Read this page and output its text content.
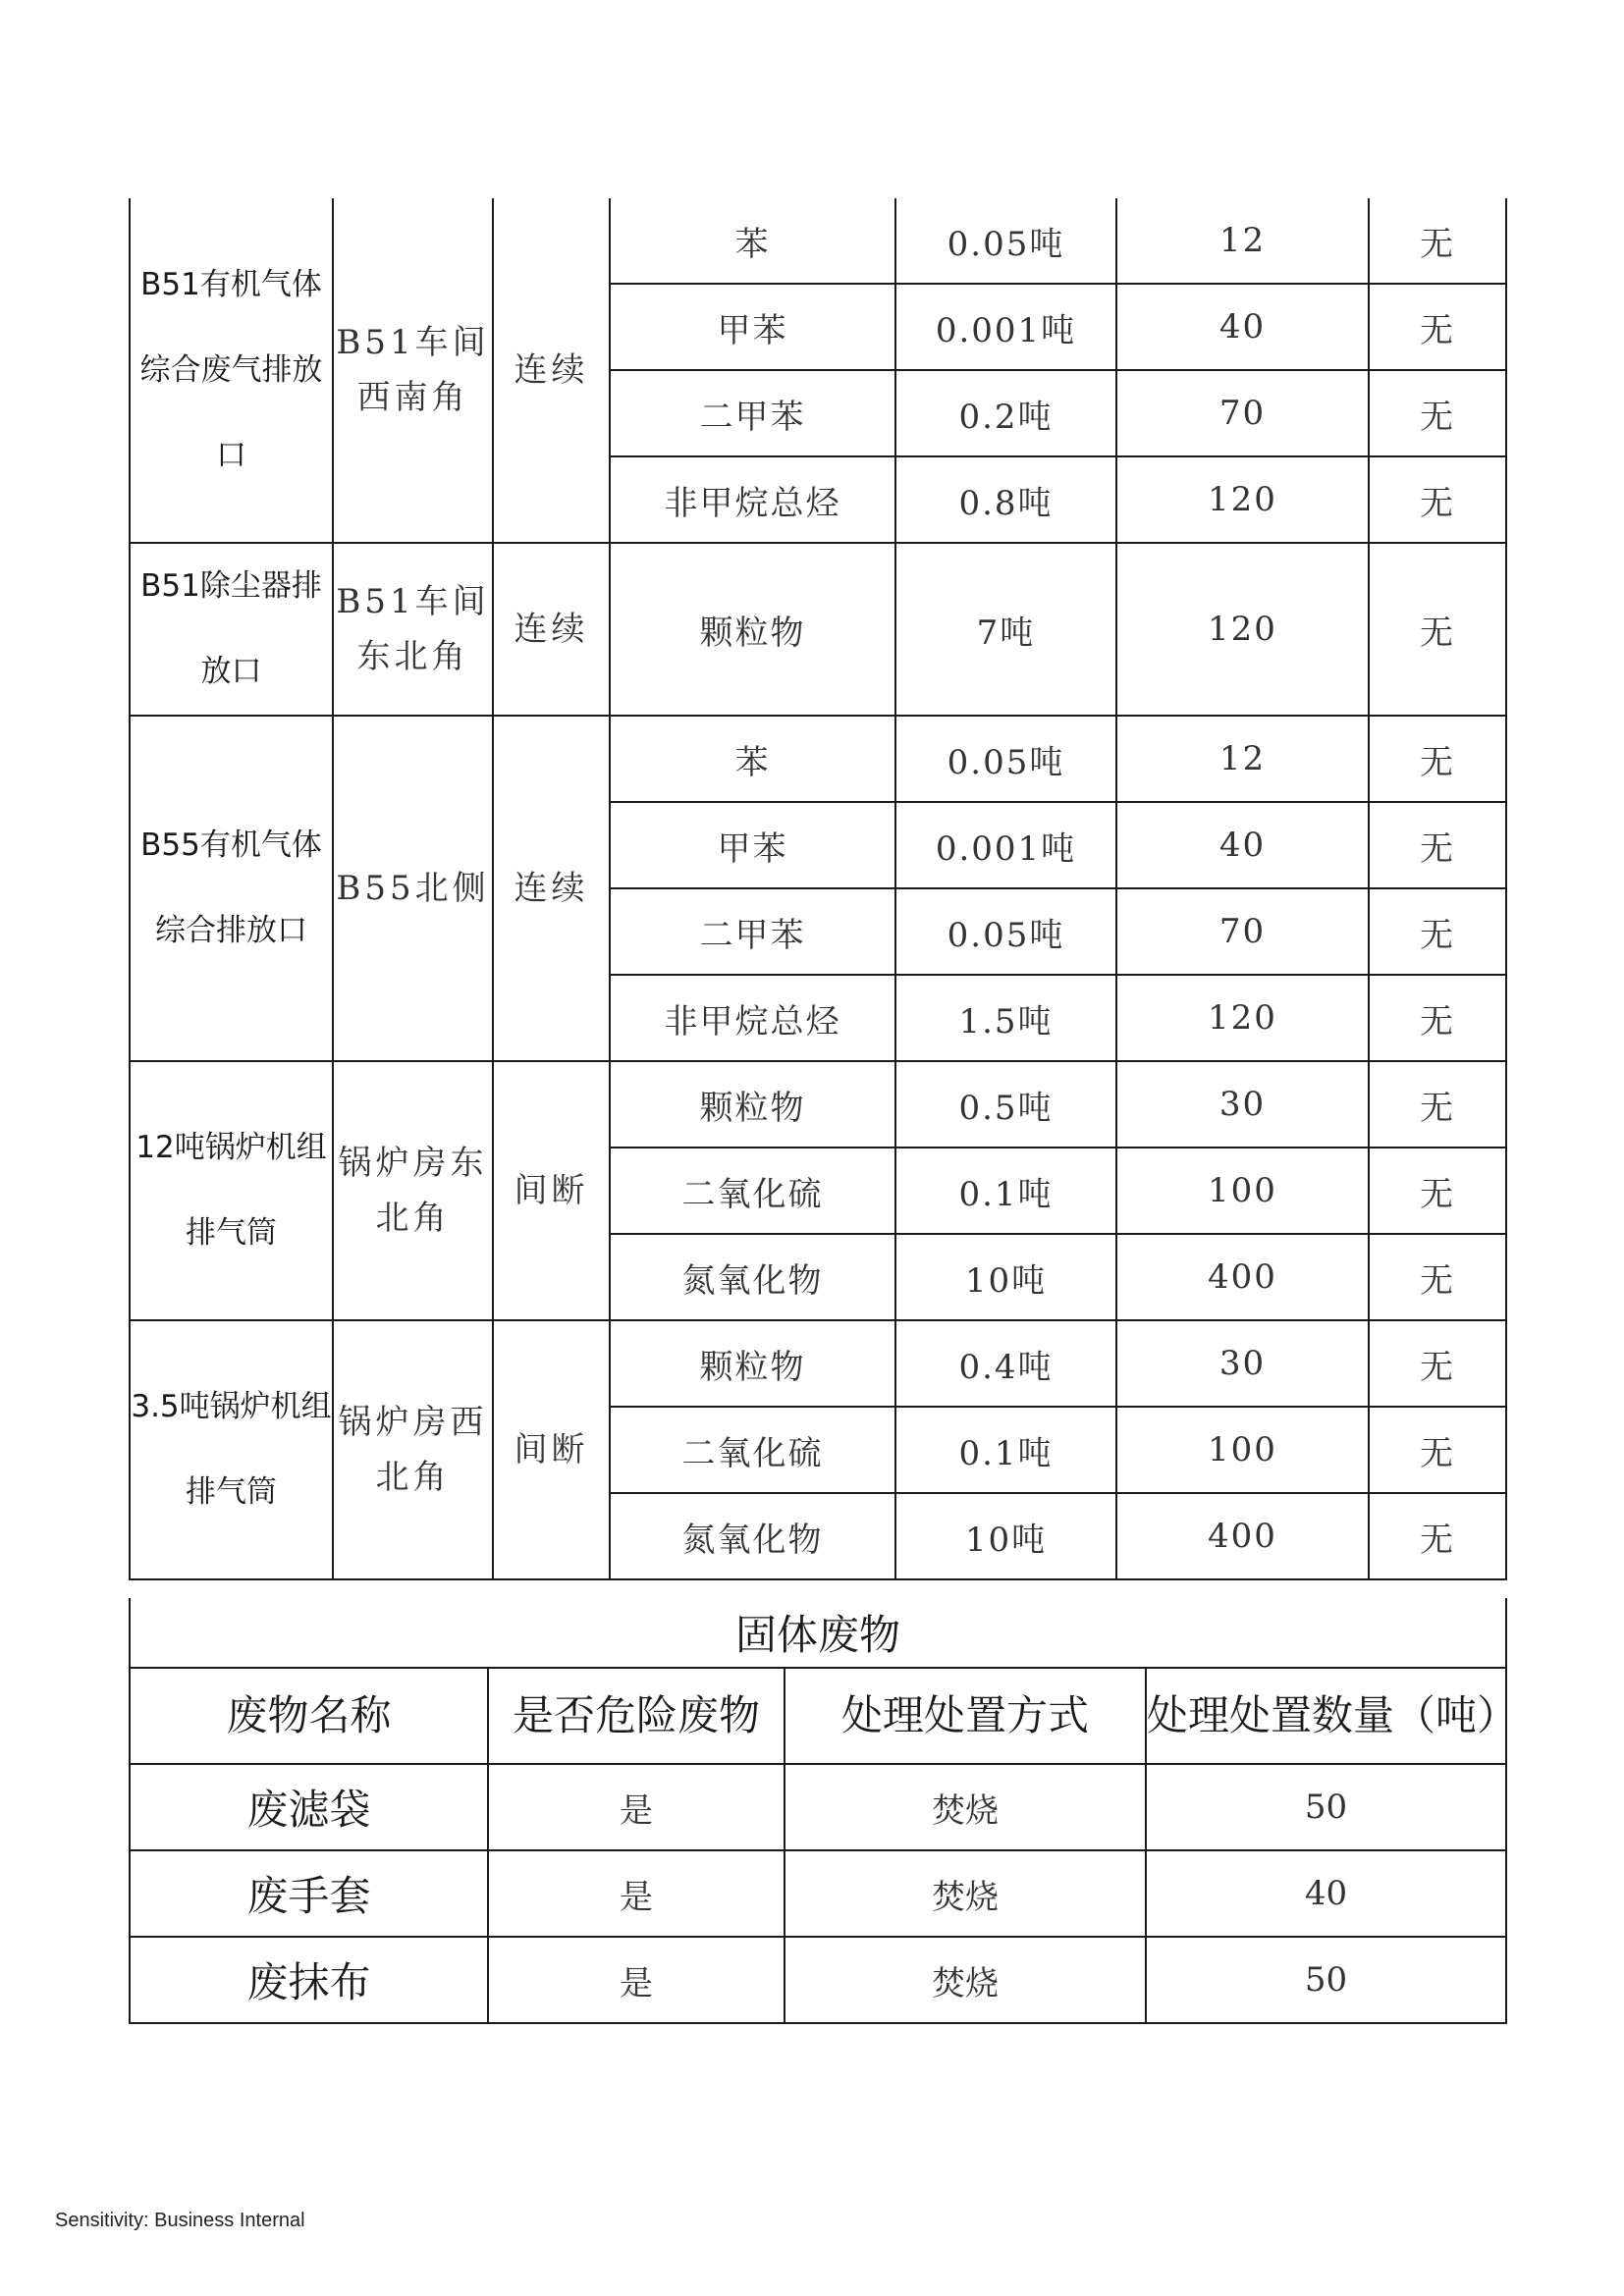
B51有机气体综合废气排放口	B51车间西南角	连续	苯	0.05吨	12	无
			甲苯	0.001吨	40	无
			二甲苯	0.2吨	70	无
			非甲烷总烃	0.8吨	120	无
B51除尘器排放口	B51车间东北角	连续	颗粒物	7吨	120	无
B55有机气体综合排放口	B55北侧	连续	苯	0.05吨	12	无
			甲苯	0.001吨	40	无
			二甲苯	0.05吨	70	无
			非甲烷总烃	1.5吨	120	无
12吨锅炉机组排气筒	锅炉房东北角	间断	颗粒物	0.5吨	30	无
			二氧化硫	0.1吨	100	无
			氮氧化物	10吨	400	无
3.5吨锅炉机组排气筒	锅炉房西北角	间断	颗粒物	0.4吨	30	无
			二氧化硫	0.1吨	100	无
			氮氧化物	10吨	400	无
固体废物			
废物名称	是否危险废物	处理处置方式	处理处置数量（吨）
废滤袋	是	焚烧	50
废手套	是	焚烧	40
废抹布	是	焚烧	50
Sensitivity: Business Internal
